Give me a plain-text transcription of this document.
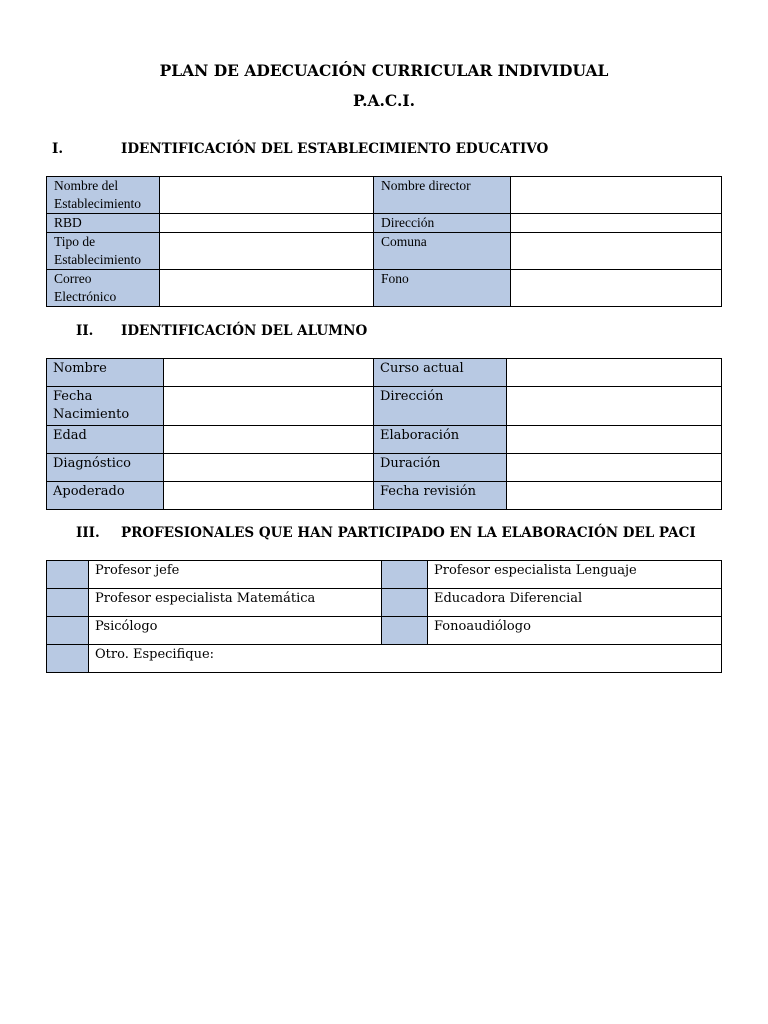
PLAN DE ADECUACIÓN CURRICULAR INDIVIDUAL
P.A.C.I.
I.	IDENTIFICACIÓN DEL ESTABLECIMIENTO EDUCATIVO
Nombre del Establecimiento		Nombre director	
RBD		Dirección	
Tipo de Establecimiento		Comuna	
Correo Electrónico		Fono	
II. IDENTIFICACIÓN DEL ALUMNO
Nombre		Curso actual	
Fecha Nacimiento		Dirección	
Edad		Elaboración	
Diagnóstico		Duración	
Apoderado		Fecha revisión	
III. PROFESIONALES QUE HAN PARTICIPADO EN LA ELABORACIÓN DEL PACI
	Profesor jefe		Profesor especialista Lenguaje
	Profesor especialista Matemática		Educadora Diferencial
	Psicólogo		Fonoaudiólogo
	Otro. Especifique:		
